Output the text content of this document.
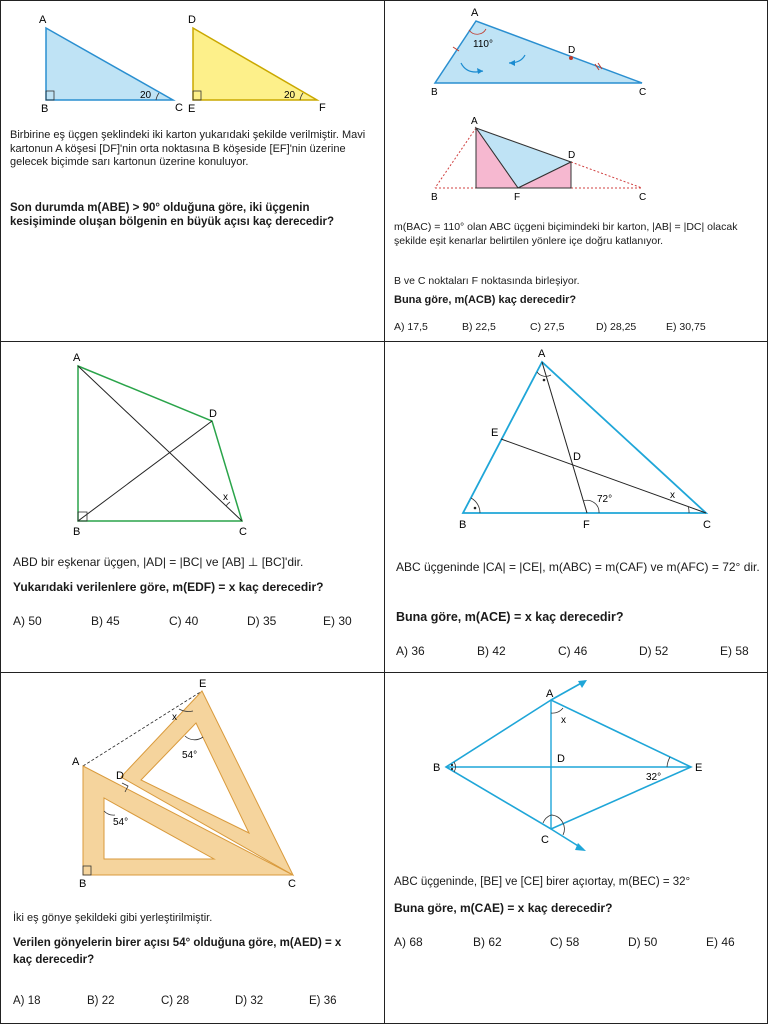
A
B	C
20
D
E	F
20
Birbirine eş üçgen şeklindeki iki karton yukarıdaki şekilde verilmiştir. Mavi kartonun A köşesi [DF]'nin orta noktasına B köşeside [EF]'nin üzerine gelecek biçimde sarı kartonun üzerine konuluyor.
Son durumda m(ABE) > 90° olduğuna göre, iki üçgenin kesişiminde oluşan bölgenin en büyük açısı kaç derecedir?
A
110°
D
B	C
A
D
B	F	C
m(BAC) = 110° olan ABC üçgeni biçimindeki bir karton, |AB| = |DC| olacak şekilde eşit kenarlar belirtilen yönlere içe doğru katlanıyor.
B ve C noktaları F noktasında birleşiyor.
Buna göre, m(ACB) kaç derecedir?
A) 17,5	B) 22,5	C) 27,5	D) 28,25	E) 30,75
A
D
B	C
x
ABD bir eşkenar üçgen, |AD| = |BC| ve [AB] ⊥ [BC]'dir.
Yukarıdaki verilenlere göre, m(EDF) = x kaç derecedir?
A) 50	B) 45	C) 40	D) 35	E) 30
A
E
D
72°	x
B	F	C
ABC üçgeninde |CA| = |CE|, m(ABC) = m(CAF) ve m(AFC) = 72° dir.
Buna göre, m(ACE) = x kaç derecedir?
A) 36	B) 42	C) 46	D) 52	E) 58
E
x
54°
A
D
54°
B	C
İki eş gönye şekildeki gibi yerleştirilmiştir.
Verilen gönyelerin birer açısı 54° olduğuna göre, m(AED) = x kaç derecedir?
A) 18	B) 22	C) 28	D) 32	E) 36
A
x
B
D
32°
E
C
ABC üçgeninde, [BE] ve [CE] birer açıortay, m(BEC) = 32°
Buna göre, m(CAE) = x kaç derecedir?
A) 68	B) 62	C) 58	D) 50	E) 46
